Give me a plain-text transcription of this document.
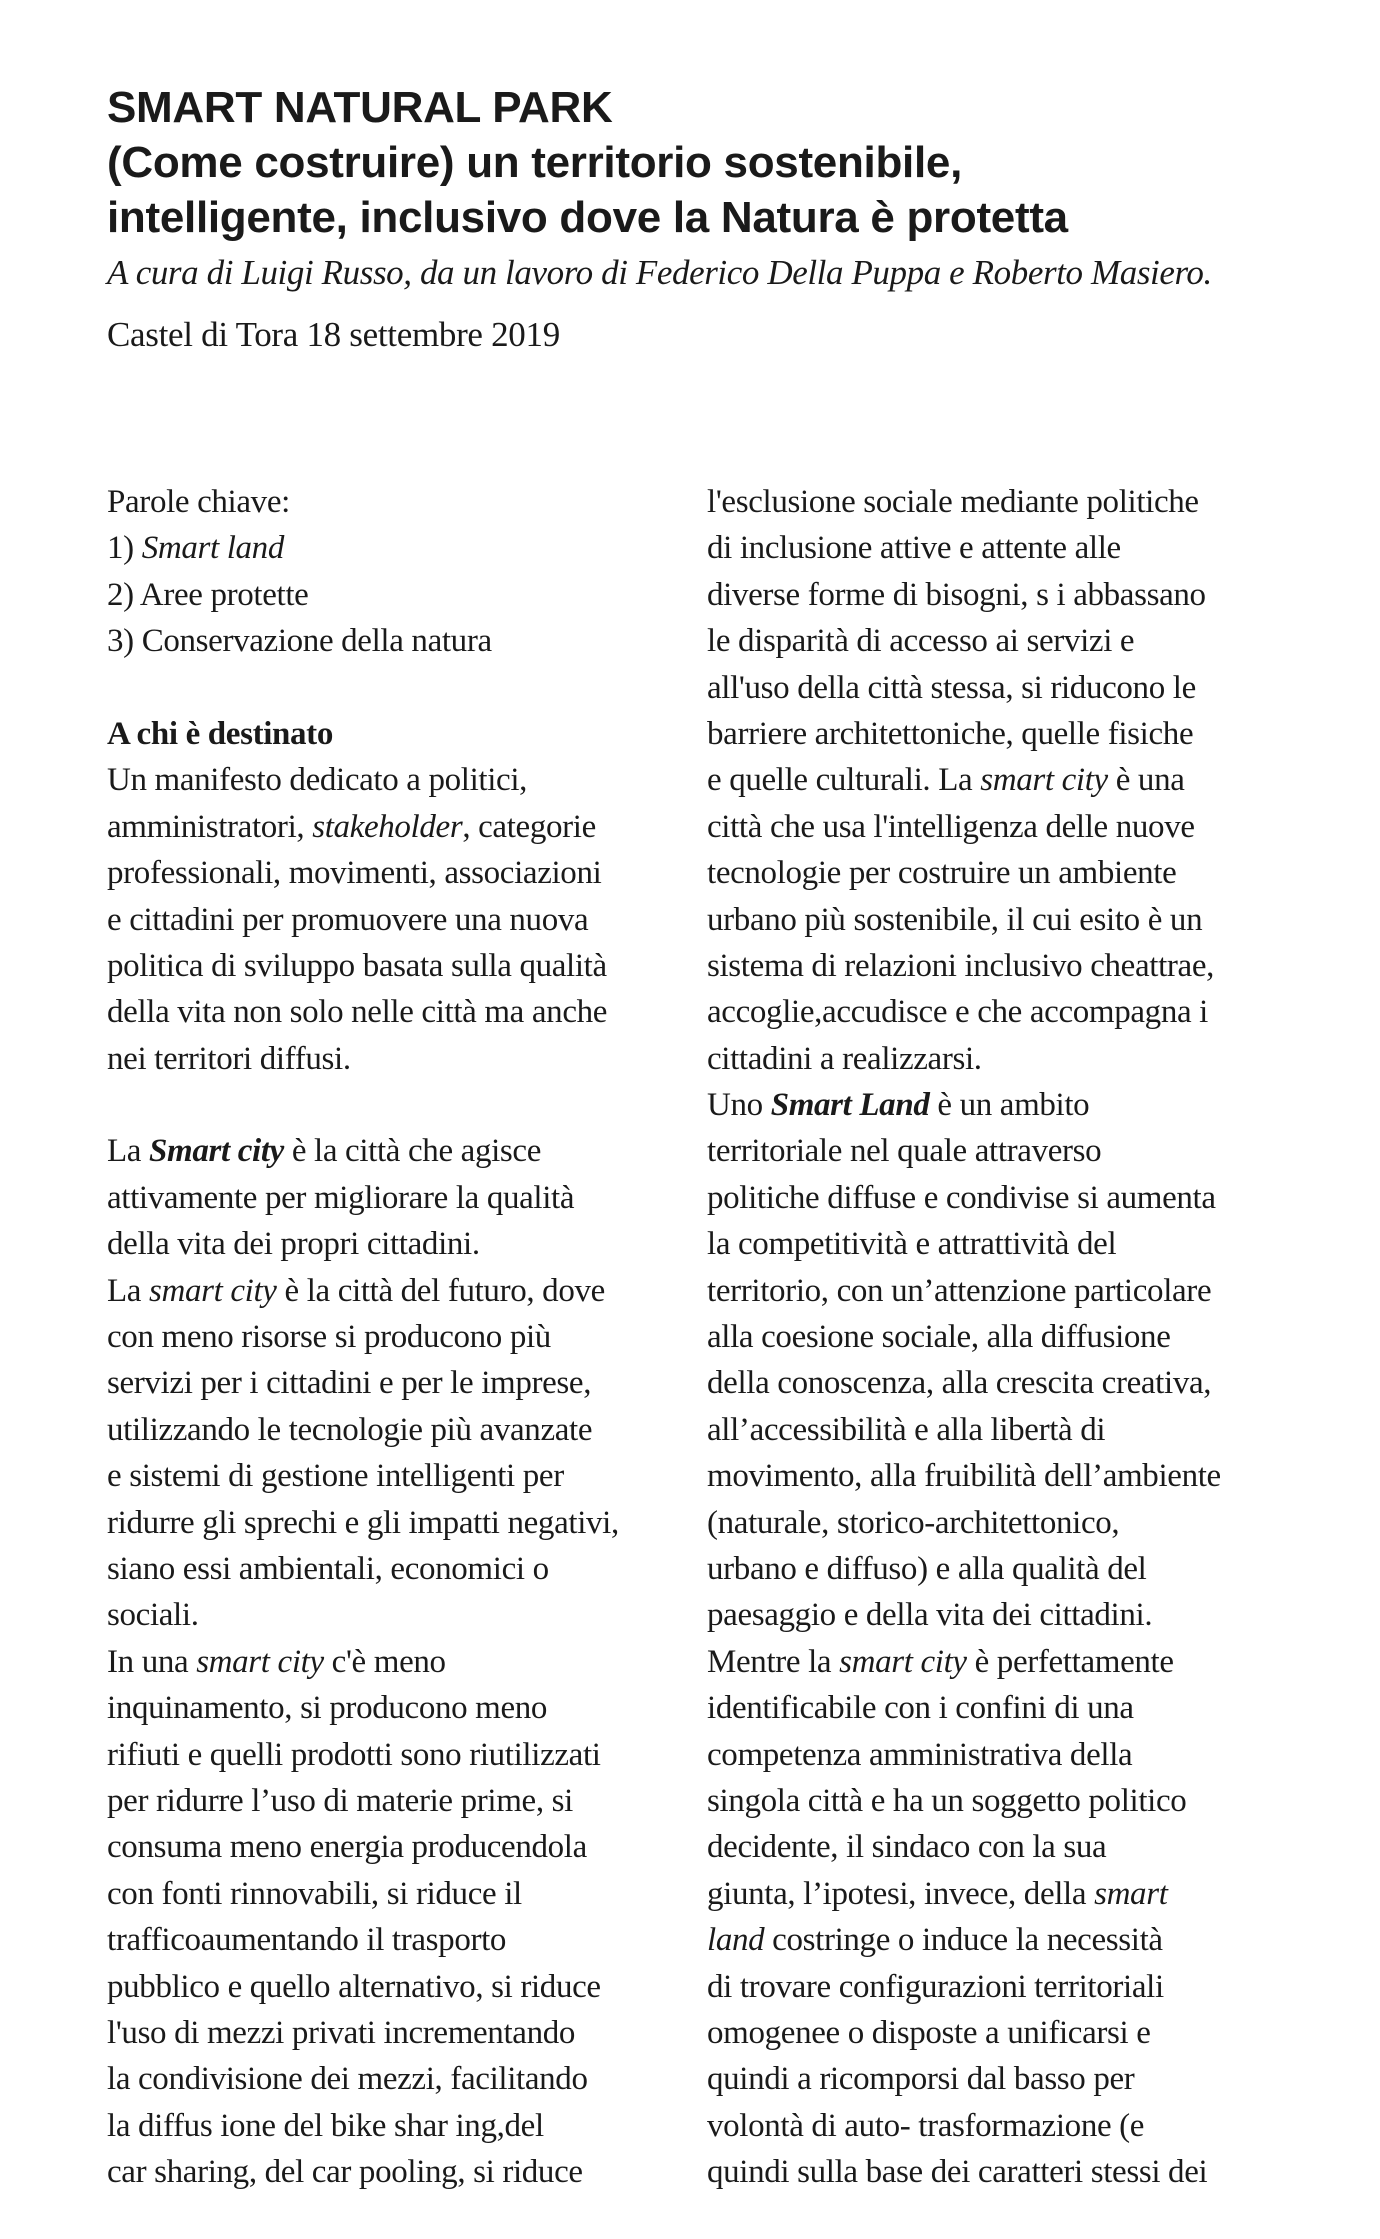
SMART NATURAL PARK

(Come costruire) un territorio sostenibile,

intelligente, inclusivo dove la Natura è protetta

A cura di Luigi Russo, da un lavoro di Federico Della Puppa e Roberto Masiero.

Castel di Tora 18 settembre 2019

Parole chiave:
1) Smart land
2) Aree protette
3) Conservazione della natura
A chi è destinato
Un manifesto dedicato a politici,
amministratori, stakeholder, categorie
professionali, movimenti, associazioni
e cittadini per promuovere una nuova
politica di sviluppo basata sulla qualità
della vita non solo nelle città ma anche
nei territori diffusi.
La Smart city è la città che agisce
attivamente per migliorare la qualità
della vita dei propri cittadini.
La smart city è la città del futuro, dove
con meno risorse si producono più
servizi per i cittadini e per le imprese,
utilizzando le tecnologie più avanzate
e sistemi di gestione intelligenti per
ridurre gli sprechi e gli impatti negativi,
siano essi ambientali, economici o
sociali.
In una smart city c'è meno
inquinamento, si producono meno
rifiuti e quelli prodotti sono riutilizzati
per ridurre l’uso di materie prime, si
consuma meno energia producendola
con fonti rinnovabili, si riduce il
trafficoaumentando il trasporto
pubblico e quello alternativo, si riduce
l'uso di mezzi privati incrementando
la condivisione dei mezzi, facilitando
la diffus ione del bike shar ing,del
car sharing, del car pooling, si riduce
l'esclusione sociale mediante politiche
di inclusione attive e attente alle
diverse forme di bisogni, s i abbassano
le disparità di accesso ai servizi e
all'uso della città stessa, si riducono le
barriere architettoniche, quelle fisiche
e quelle culturali. La smart city è una
città che usa l'intelligenza delle nuove
tecnologie per costruire un ambiente
urbano più sostenibile, il cui esito è un
sistema di relazioni inclusivo cheattrae,
accoglie,accudisce e che accompagna i
cittadini a realizzarsi.
Uno Smart Land è un ambito
territoriale nel quale attraverso
politiche diffuse e condivise si aumenta
la competitività e attrattività del
territorio, con un’attenzione particolare
alla coesione sociale, alla diffusione
della conoscenza, alla crescita creativa,
all’accessibilità e alla libertà di
movimento, alla fruibilità dell’ambiente
(naturale, storico-architettonico,
urbano e diffuso) e alla qualità del
paesaggio e della vita dei cittadini.
Mentre la smart city è perfettamente
identificabile con i confini di una
competenza amministrativa della
singola città e ha un soggetto politico
decidente, il sindaco con la sua
giunta, l’ipotesi, invece, della smart
land costringe o induce la necessità
di trovare configurazioni territoriali
omogenee o disposte a unificarsi e
quindi a ricomporsi dal basso per
volontà di auto- trasformazione (e
quindi sulla base dei caratteri stessi dei
